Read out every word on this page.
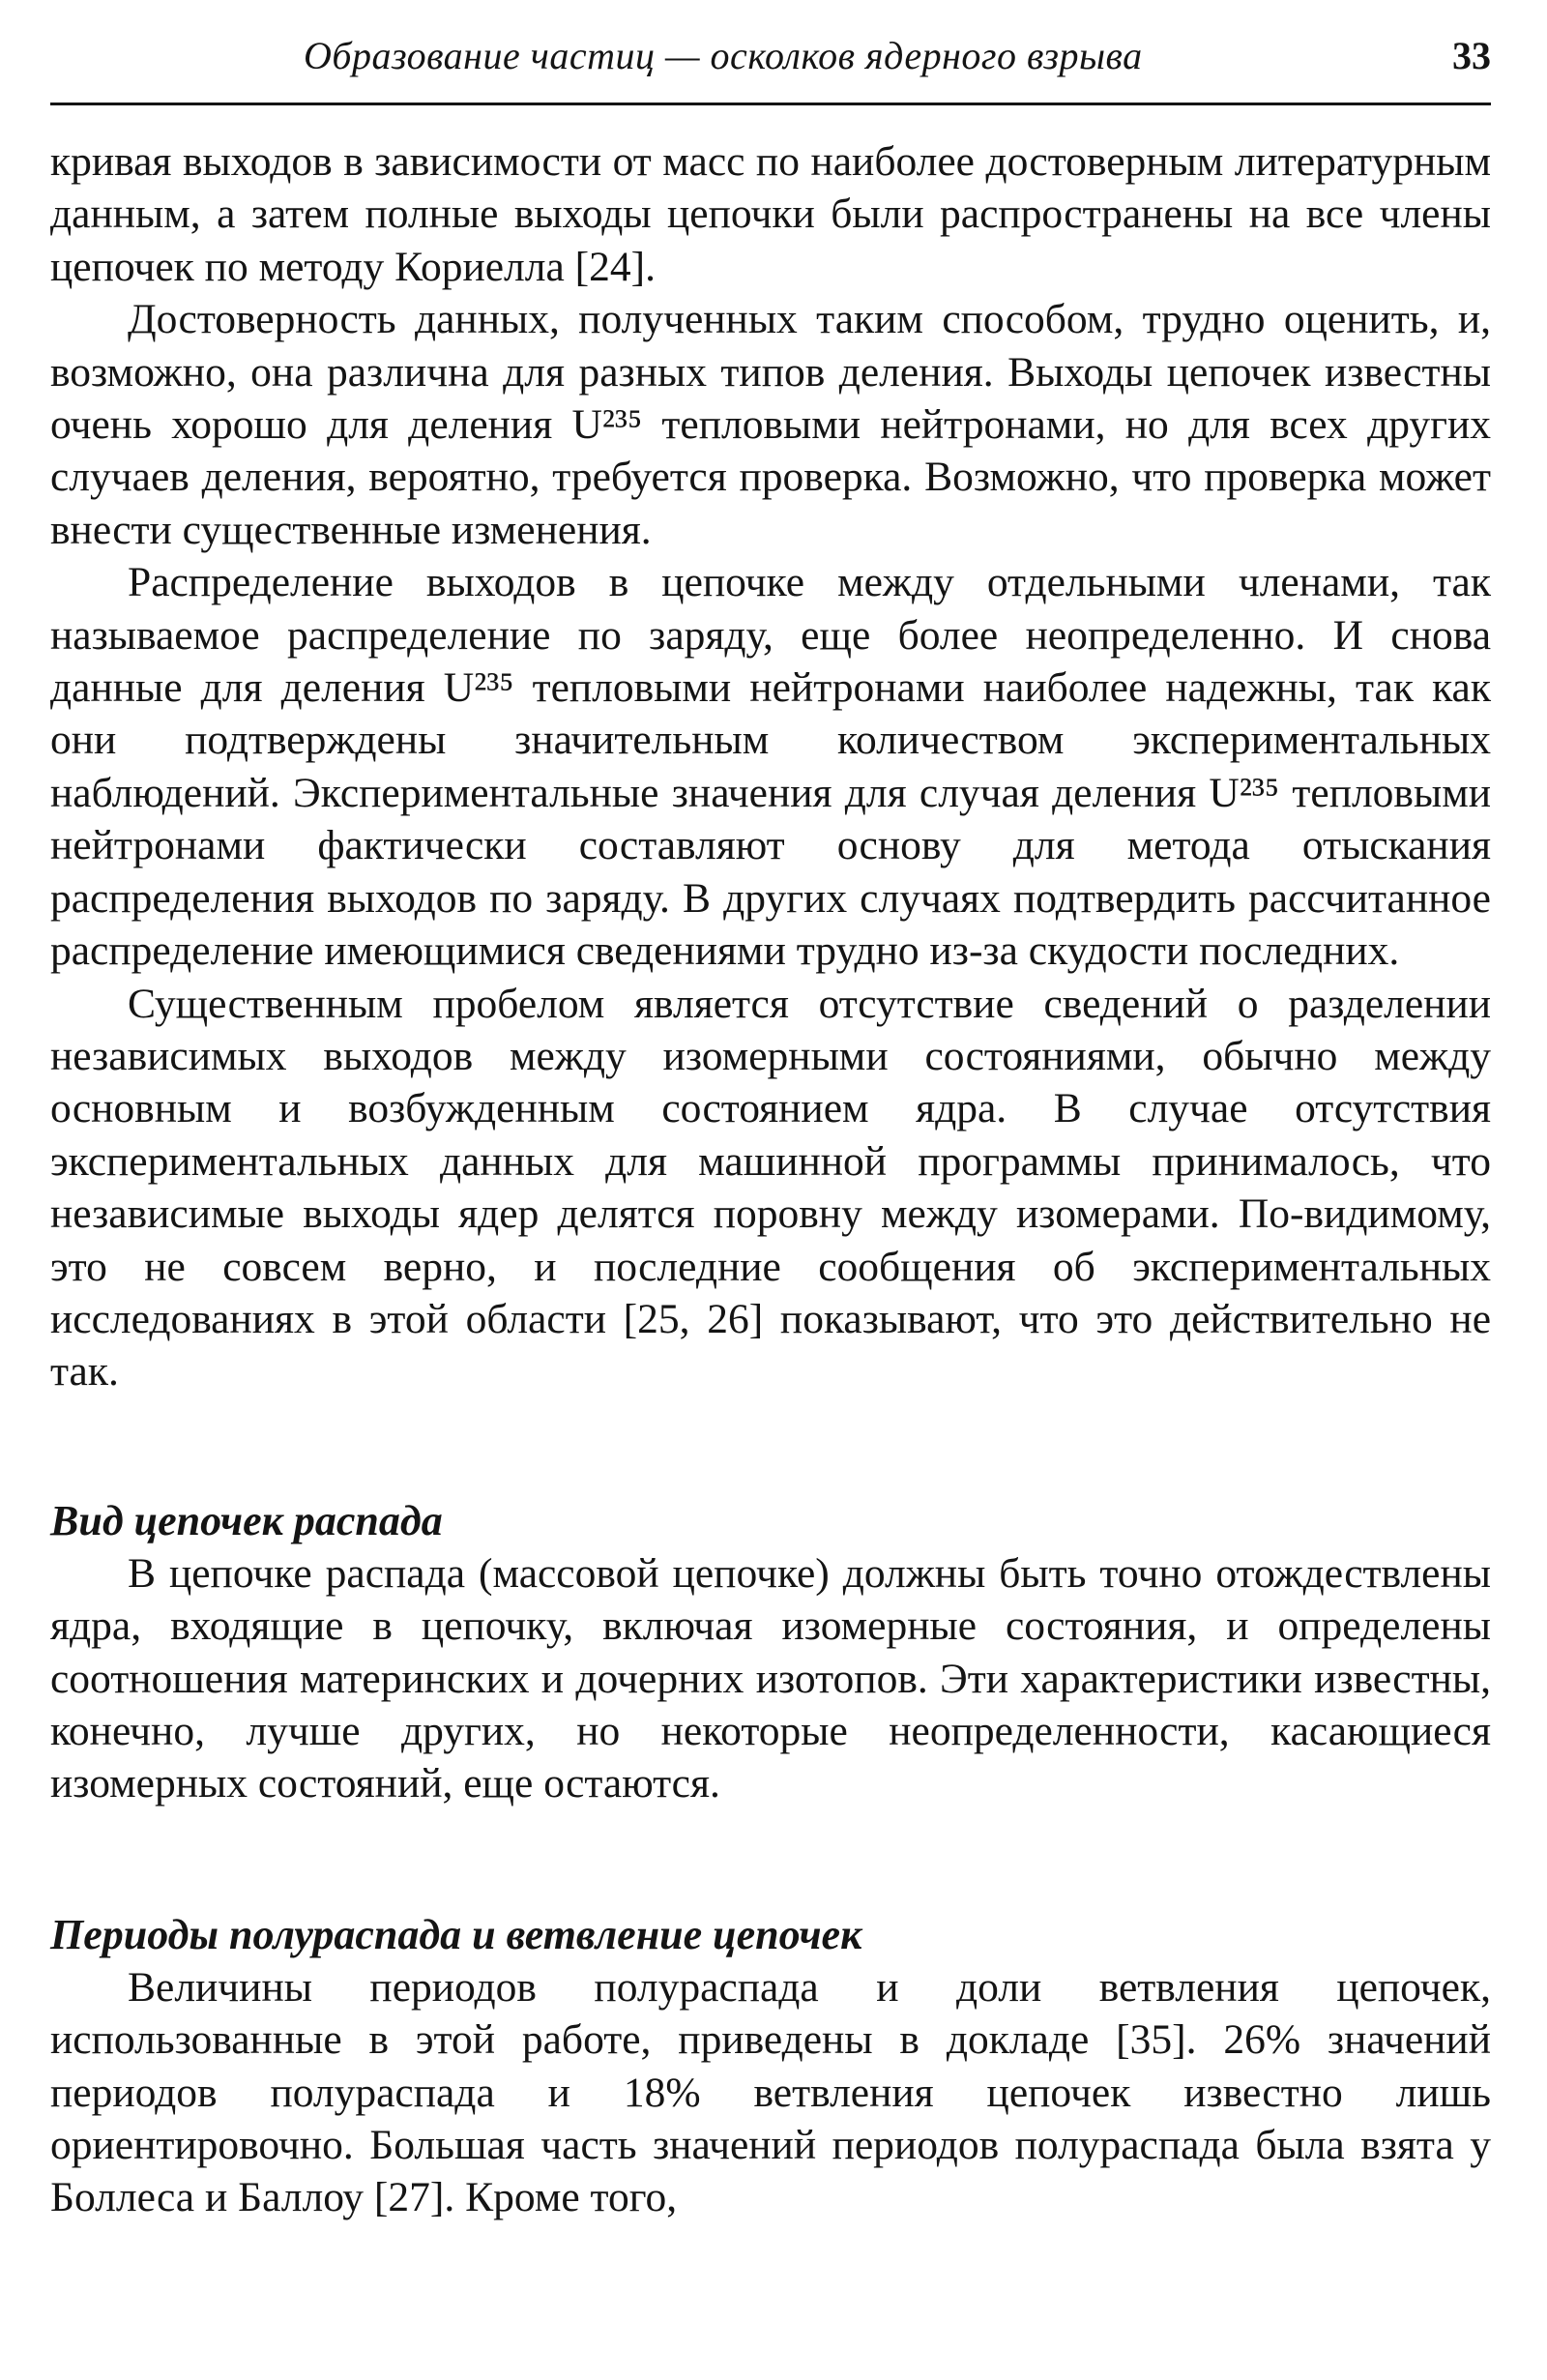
Образование частиц — осколков ядерного взрыва	33

кривая выходов в зависимости от масс по наиболее достоверным литературным данным, а затем полные выходы цепочки были распространены на все члены цепочек по методу Кориелла [24].

Достоверность данных, полученных таким способом, трудно оценить, и, возможно, она различна для разных типов деления. Выходы цепочек известны очень хорошо для деления U²³⁵ тепловыми нейтронами, но для всех других случаев деления, вероятно, требуется проверка. Возможно, что проверка может внести существенные изменения.

Распределение выходов в цепочке между отдельными членами, так называемое распределение по заряду, еще более неопределенно. И снова данные для деления U²³⁵ тепловыми нейтронами наиболее надежны, так как они подтверждены значительным количеством экспериментальных наблюдений. Экспериментальные значения для случая деления U²³⁵ тепловыми нейтронами фактически составляют основу для метода отыскания распределения выходов по заряду. В других случаях подтвердить рассчитанное распределение имеющимися сведениями трудно из-за скудости последних.

Существенным пробелом является отсутствие сведений о разделении независимых выходов между изомерными состояниями, обычно между основным и возбужденным состоянием ядра. В случае отсутствия экспериментальных данных для машинной программы принималось, что независимые выходы ядер делятся поровну между изомерами. По-видимому, это не совсем верно, и последние сообщения об экспериментальных исследованиях в этой области [25, 26] показывают, что это действительно не так.

Вид цепочек распада

В цепочке распада (массовой цепочке) должны быть точно отождествлены ядра, входящие в цепочку, включая изомерные состояния, и определены соотношения материнских и дочерних изотопов. Эти характеристики известны, конечно, лучше других, но некоторые неопределенности, касающиеся изомерных состояний, еще остаются.

Периоды полураспада и ветвление цепочек

Величины периодов полураспада и доли ветвления цепочек, использованные в этой работе, приведены в докладе [35]. 26% значений периодов полураспада и 18% ветвления цепочек известно лишь ориентировочно. Большая часть значений периодов полураспада была взята у Боллеса и Баллоу [27]. Кроме того,
